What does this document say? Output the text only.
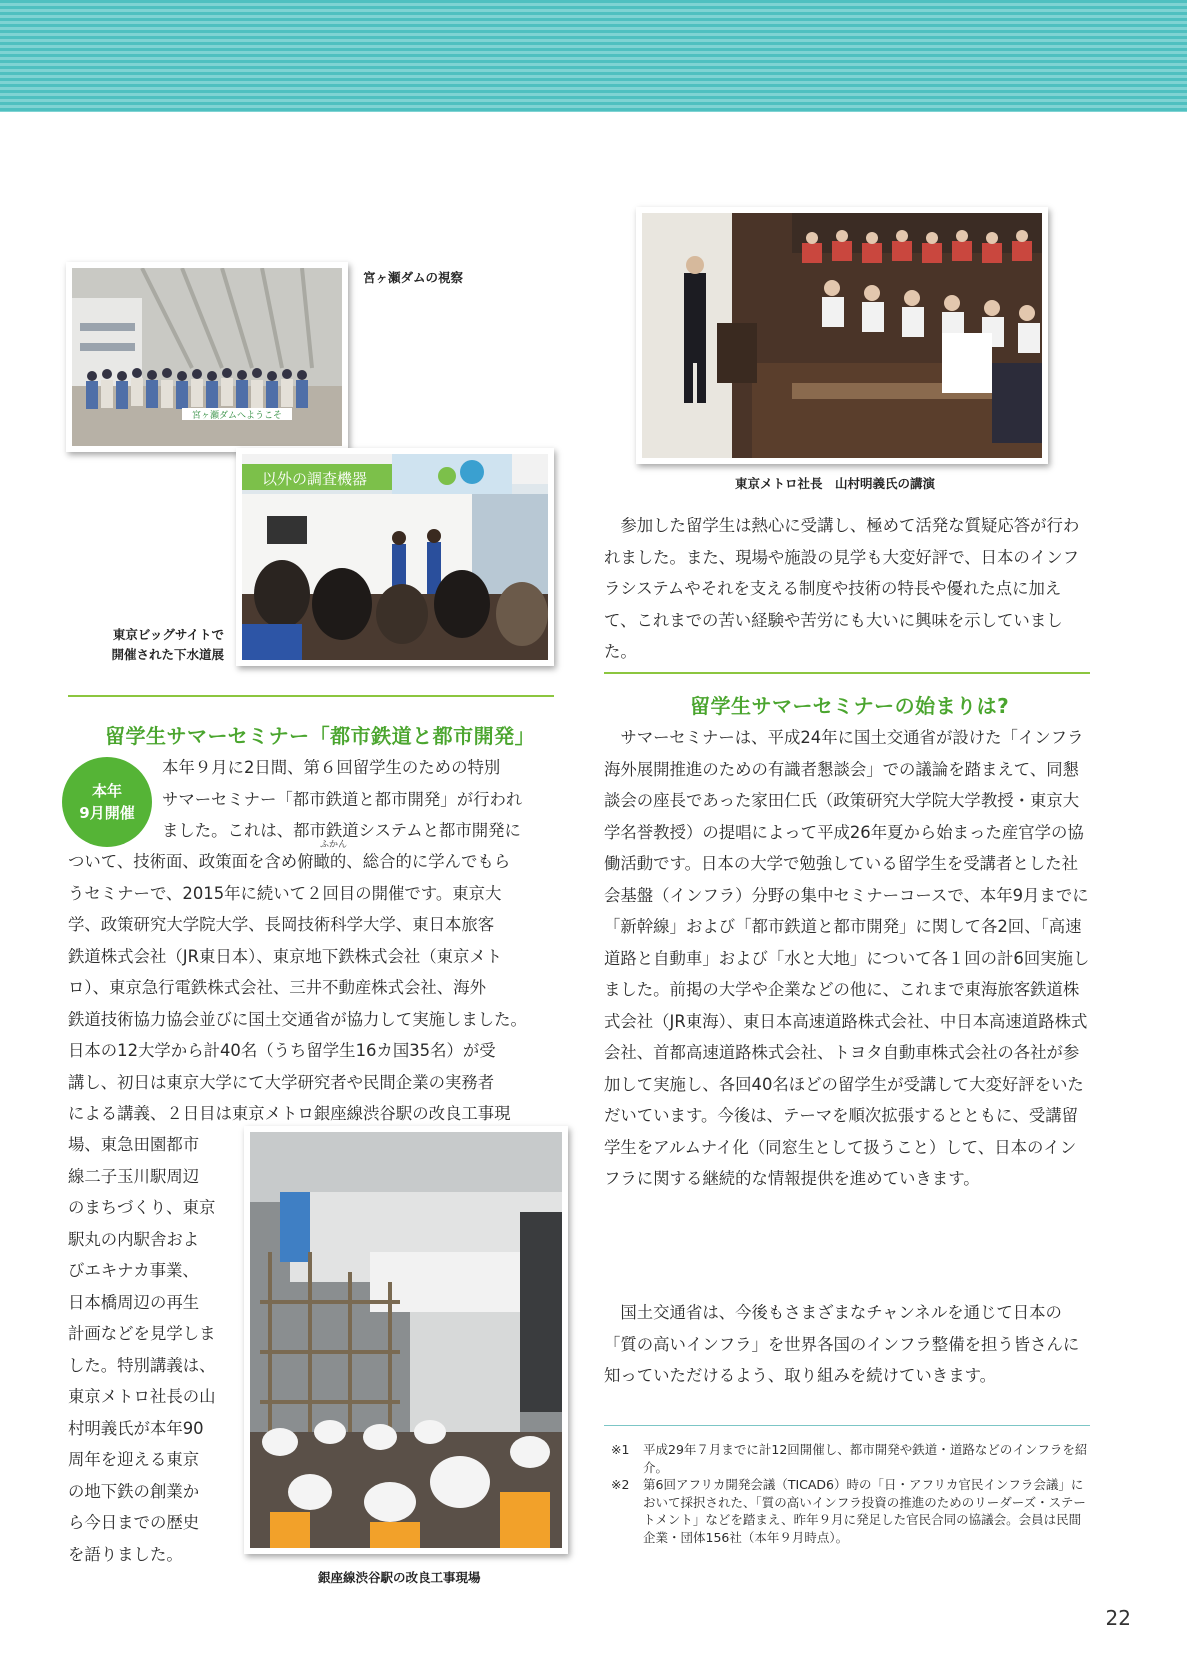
宮ヶ瀬ダムへようこそ
宮ヶ瀬ダムの視察
以外の調査機器
東京ビッグサイトで
開催された下水道展
東京メトロ社長　山村明義氏の講演
留学生サマーセミナー「都市鉄道と都市開発」
本年
9月開催
ふかん

本年９月に2日間、第６回留学生のための特別

サマーセミナー「都市鉄道と都市開発」が行われ

ました。これは、都市鉄道システムと都市開発に

ついて、技術面、政策面を含め俯瞰的、総合的に学んでもら

うセミナーで、2015年に続いて２回目の開催です。東京大

学、政策研究大学院大学、長岡技術科学大学、東日本旅客

鉄道株式会社（JR東日本）、東京地下鉄株式会社（東京メト

ロ）、東京急行電鉄株式会社、三井不動産株式会社、海外

鉄道技術協力協会並びに国土交通省が協力して実施しました。

日本の12大学から計40名（うち留学生16カ国35名）が受

講し、初日は東京大学にて大学研究者や民間企業の実務者

による講義、２日目は東京メトロ銀座線渋谷駅の改良工事現

場、東急田園都市

線二子玉川駅周辺

のまちづくり、東京

駅丸の内駅舎およ

びエキナカ事業、

日本橋周辺の再生

計画などを見学しま

した。特別講義は、

東京メトロ社長の山

村明義氏が本年90

周年を迎える東京

の地下鉄の創業か

ら今日までの歴史

を語りました。

銀座線渋谷駅の改良工事現場

参加した留学生は熱心に受講し、極めて活発な質疑応答が行われました。また、現場や施設の見学も大変好評で、日本のインフラシステムやそれを支える制度や技術の特長や優れた点に加えて、これまでの苦い経験や苦労にも大いに興味を示していました。

留学生サマーセミナーの始まりは?

サマーセミナーは、平成24年に国土交通省が設けた「インフラ海外展開推進のための有識者懇談会」での議論を踏まえて、同懇談会の座長であった家田仁氏（政策研究大学院大学教授・東京大学名誉教授）の提唱によって平成26年夏から始まった産官学の協働活動です。日本の大学で勉強している留学生を受講者とした社会基盤（インフラ）分野の集中セミナーコースで、本年9月までに「新幹線」および「都市鉄道と都市開発」に関して各2回、「高速道路と自動車」および「水と大地」について各１回の計6回実施しました。前掲の大学や企業などの他に、これまで東海旅客鉄道株式会社（JR東海）、東日本高速道路株式会社、中日本高速道路株式会社、首都高速道路株式会社、トヨタ自動車株式会社の各社が参加して実施し、各回40名ほどの留学生が受講して大変好評をいただいています。今後は、テーマを順次拡張するとともに、受講留学生をアルムナイ化（同窓生として扱うこと）して、日本のインフラに関する継続的な情報提供を進めていきます。

国土交通省は、今後もさまざまなチャンネルを通じて日本の「質の高いインフラ」を世界各国のインフラ整備を担う皆さんに知っていただけるよう、取り組みを続けていきます。

※1	平成29年７月までに計12回開催し、都市開発や鉄道・道路などのインフラを紹介。
※2	第6回アフリカ開発会議（TICAD6）時の「日・アフリカ官民インフラ会議」において採択された、「質の高いインフラ投資の推進のためのリーダーズ・ステートメント」などを踏まえ、昨年９月に発足した官民合同の協議会。会員は民間企業・団体156社（本年９月時点）。
22
